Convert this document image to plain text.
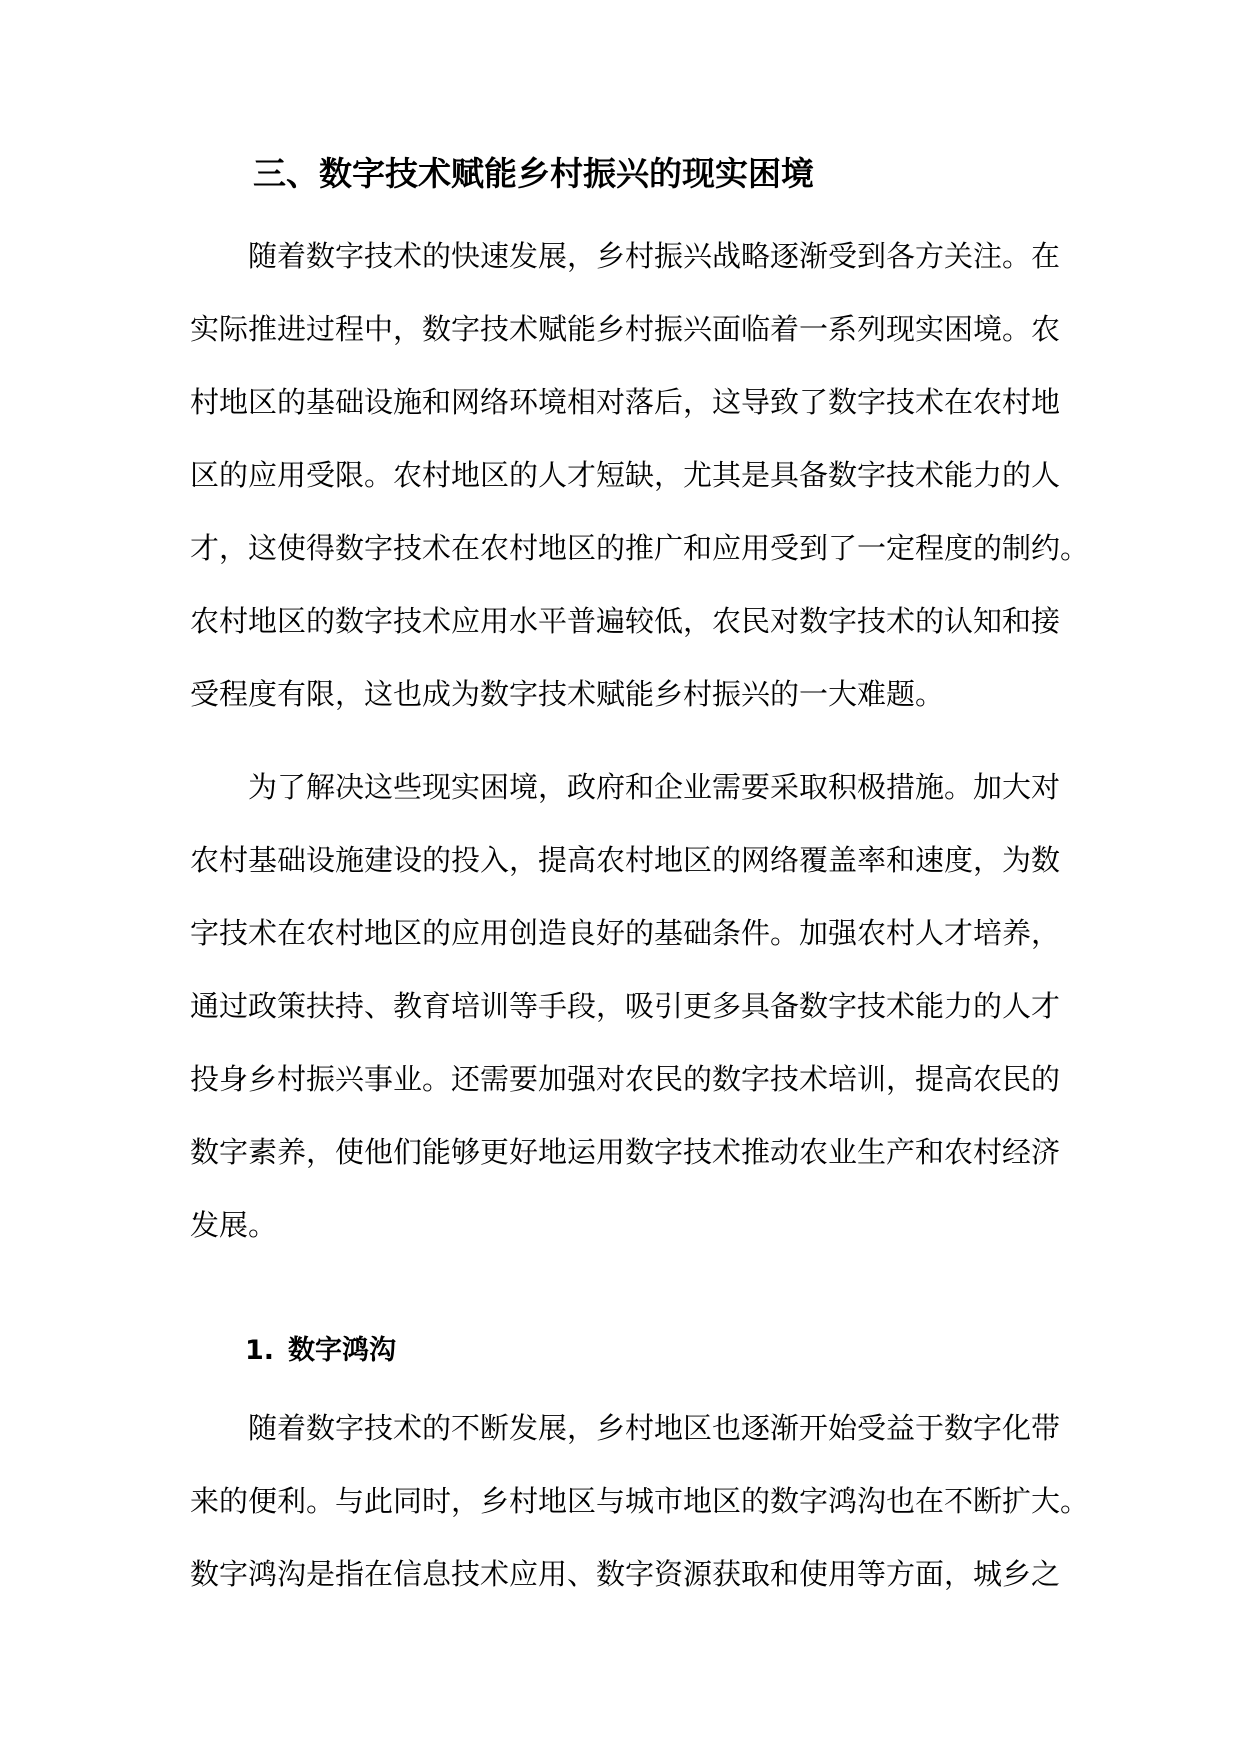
三、数字技术赋能乡村振兴的现实困境
随着数字技术的快速发展，乡村振兴战略逐渐受到各方关注。在
实际推进过程中，数字技术赋能乡村振兴面临着一系列现实困境。农
村地区的基础设施和网络环境相对落后，这导致了数字技术在农村地
区的应用受限。农村地区的人才短缺，尤其是具备数字技术能力的人
才，这使得数字技术在农村地区的推广和应用受到了一定程度的制约。
农村地区的数字技术应用水平普遍较低，农民对数字技术的认知和接
受程度有限，这也成为数字技术赋能乡村振兴的一大难题。
为了解决这些现实困境，政府和企业需要采取积极措施。加大对
农村基础设施建设的投入，提高农村地区的网络覆盖率和速度，为数
字技术在农村地区的应用创造良好的基础条件。加强农村人才培养，
通过政策扶持、教育培训等手段，吸引更多具备数字技术能力的人才
投身乡村振兴事业。还需要加强对农民的数字技术培训，提高农民的
数字素养，使他们能够更好地运用数字技术推动农业生产和农村经济
发展。
1. 数字鸿沟
随着数字技术的不断发展，乡村地区也逐渐开始受益于数字化带
来的便利。与此同时，乡村地区与城市地区的数字鸿沟也在不断扩大。
数字鸿沟是指在信息技术应用、数字资源获取和使用等方面，城乡之
